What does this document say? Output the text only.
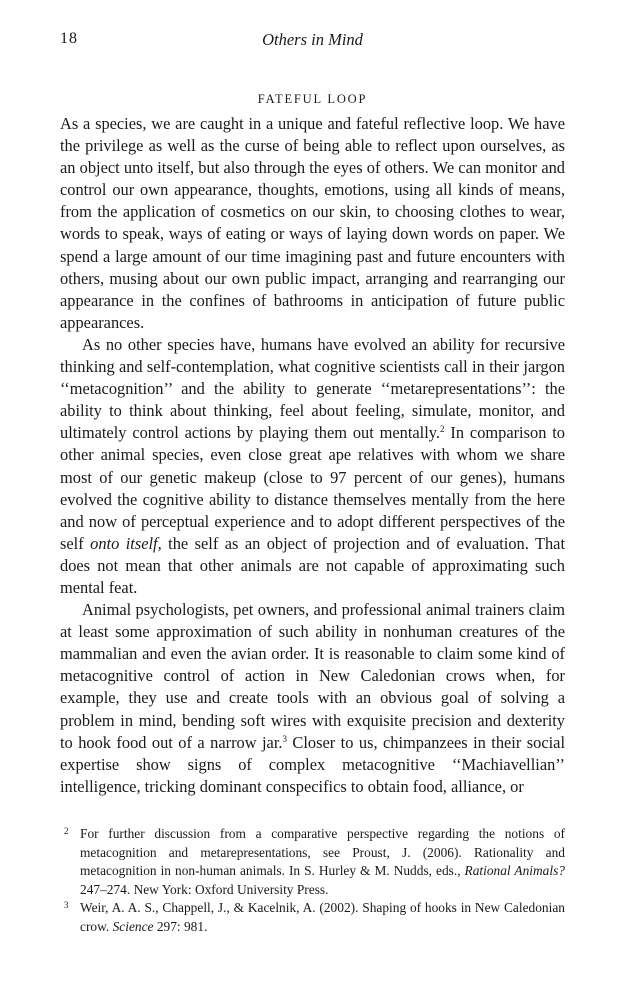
18	Others in Mind
FATEFUL LOOP

As a species, we are caught in a unique and fateful reflective loop. We have the privilege as well as the curse of being able to reflect upon ourselves, as an object unto itself, but also through the eyes of others. We can monitor and control our own appearance, thoughts, emotions, using all kinds of means, from the application of cosmetics on our skin, to choosing clothes to wear, words to speak, ways of eating or ways of laying down words on paper. We spend a large amount of our time imagining past and future encounters with others, musing about our own public impact, arranging and rearranging our appearance in the confines of bathrooms in anticipation of future public appearances.

As no other species have, humans have evolved an ability for recursive thinking and self-contemplation, what cognitive scientists call in their jargon ‘‘metacognition’’ and the ability to generate ‘‘metarepresentations’’: the ability to think about thinking, feel about feeling, simulate, monitor, and ultimately control actions by playing them out mentally.$^2$ In comparison to other animal species, even close great ape relatives with whom we share most of our genetic makeup (close to 97 percent of our genes), humans evolved the cognitive ability to distance themselves mentally from the here and now of perceptual experience and to adopt different perspectives of the self onto itself, the self as an object of projection and of evaluation. That does not mean that other animals are not capable of approximating such mental feat.

Animal psychologists, pet owners, and professional animal trainers claim at least some approximation of such ability in nonhuman creatures of the mammalian and even the avian order. It is reasonable to claim some kind of metacognitive control of action in New Caledonian crows when, for example, they use and create tools with an obvious goal of solving a problem in mind, bending soft wires with exquisite precision and dexterity to hook food out of a narrow jar.$^3$ Closer to us, chimpanzees in their social expertise show signs of complex metacognitive ‘‘Machiavellian’’ intelligence, tricking dominant conspecifics to obtain food, alliance, or

2 For further discussion from a comparative perspective regarding the notions of metacognition and metarepresentations, see Proust, J. (2006). Rationality and metacognition in non-human animals. In S. Hurley & M. Nudds, eds., Rational Animals? 247–274. New York: Oxford University Press.

3 Weir, A. A. S., Chappell, J., & Kacelnik, A. (2002). Shaping of hooks in New Caledonian crow. Science 297: 981.
